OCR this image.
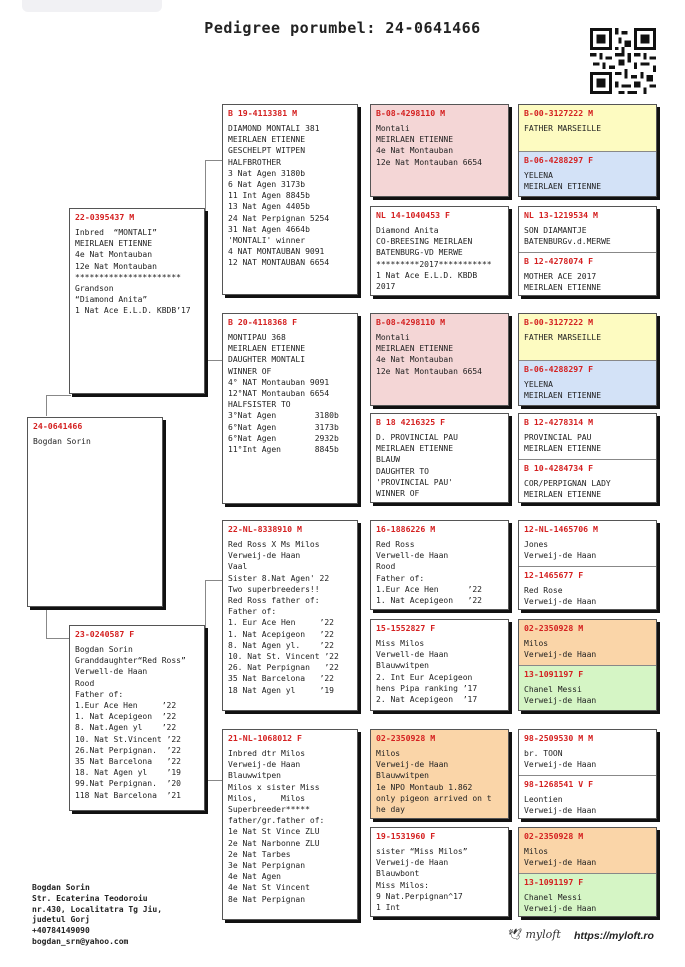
Pedigree porumbel: 24-0641466
24-0641466
Bogdan Sorin
22-0395437 M
Inbred  “MONTALI”
MEIRLAEN ETIENNE
4e Nat Montauban
12e Nat Montauban
**********************
Grandson
“Diamond Anita”
1 Nat Ace E.L.D. KBDB’17
23-0240587 F
Bogdan Sorin
Granddaughter“Red Ross”
Verwell-de Haan
Rood
Father of:
1.Eur Ace Hen     ’22
1. Nat Acepigeon  ’22
8. Nat.Agen yl    ’22
10. Nat St.Vincent ’22
26.Nat Perpignan.  ’22
35 Nat Barcelona   ’22
18. Nat Agen yl    ’19
99.Nat Perpignan.  ’20
118 Nat Barcelona  ’21
B 19-4113381 M
DIAMOND MONTALI 381
MEIRLAEN ETIENNE
GESCHELPT WITPEN
HALFBROTHER
3 Nat Agen 3180b
6 Nat Agen 3173b
11 Int Agen 8845b
13 Nat Agen 4405b
24 Nat Perpignan 5254
31 Nat Agen 4664b
'MONTALI' winner
4 NAT MONTAUBAN 9091
12 NAT MONTAUBAN 6654
B 20-4118368 F
MONTIPAU 368
MEIRLAEN ETIENNE
DAUGHTER MONTALI
WINNER OF
4° NAT Montauban 9091
12°NAT Montauban 6654
HALFSISTER TO
3°Nat Agen        3180b
6°Nat Agen        3173b
6°Nat Agen        2932b
11°Int Agen       8845b
22-NL-8338910 M
Red Ross X Ms Milos
Verweij-de Haan
Vaal
Sister 8.Nat Agen' 22
Two superbreeders!!
Red Ross father of:
Father of:
1. Eur Ace Hen     ’22
1. Nat Acepigeon   ’22
8. Nat Agen yl.    ’22
10. Nat St. Vincent ’22
26. Nat Perpignan   ’22
35 Nat Barcelona   ’22
18 Nat Agen yl     ’19
21-NL-1068012 F
Inbred dtr Milos
Verweij-de Haan
Blauwwitpen
Milos x sister Miss
Milos,     Milos
Superbreeder*****
father/gr.father of:
1e Nat St Vince ZLU
2e Nat Narbonne ZLU
2e Nat Tarbes
3e Nat Perpignan
4e Nat Agen
4e Nat St Vincent
8e Nat Perpignan
B-08-4298110 M
Montali
MEIRLAEN ETIENNE
4e Nat Montauban
12e Nat Montauban 6654
NL 14-1040453 F
Diamond Anita
CO-BREESING MEIRLAEN
BATENBURG-VD MERWE
*********2017***********
1 Nat Ace E.L.D. KBDB
2017
B-08-4298110 M
Montali
MEIRLAEN ETIENNE
4e Nat Montauban
12e Nat Montauban 6654
B 18 4216325 F
D. PROVINCIAL PAU
MEIRLAEN ETIENNE
BLAUW
DAUGHTER TO
'PROVINCIAL PAU'
WINNER OF
16-1886226 M
Red Ross
Verwell-de Haan
Rood
Father of:
1.Eur Ace Hen      ’22
1. Nat Acepigeon   ’22
15-1552827 F
Miss Milos
Verwell-de Haan
Blauwwitpen
2. Int Eur Acepigeon
hens Pipa ranking ’17
2. Nat Acepigeon  ’17
02-2350928 M
Milos
Verweij-de Haan
Blauwwitpen
1e NPO Montaub 1.862
only pigeon arrived on t
he day
19-1531960 F
sister “Miss Milos”
Verweij-de Haan
Blauwbont
Miss Milos:
9 Nat.Perpignan^17
1 Int
B-00-3127222 M
FATHER MARSEILLE
B-06-4288297 F
YELENA
MEIRLAEN ETIENNE
NL 13-1219534 M
SON DIAMANTJE
BATENBURGv.d.MERWE
B 12-4278074 F
MOTHER ACE 2017
MEIRLAEN ETIENNE
B-00-3127222 M
FATHER MARSEILLE
B-06-4288297 F
YELENA
MEIRLAEN ETIENNE
B 12-4278314 M
PROVINCIAL PAU
MEIRLAEN ETIENNE
B 10-4284734 F
COR/PERPIGNAN LADY
MEIRLAEN ETIENNE
12-NL-1465706 M
Jones
Verweij-de Haan
12-1465677 F
Red Rose
Verweij-de Haan
02-2350928 M
Milos
Verweij-de Haan
13-1091197 F
Chanel Messi
Verweij-de Haan
98-2509530 M M
br. TOON
Verweij-de Haan
98-1268541 V F
Leontien
Verweij-de Haan
02-2350928 M
Milos
Verweij-de Haan
13-1091197 F
Chanel Messi
Verweij-de Haan
Bogdan Sorin
Str. Ecaterina Teodoroiu
nr.430, Localitatra Tg Jiu,
judetul Gorj
+40784149090
bogdan_srn@yahoo.com
🕊︎ myloft https://myloft.ro
